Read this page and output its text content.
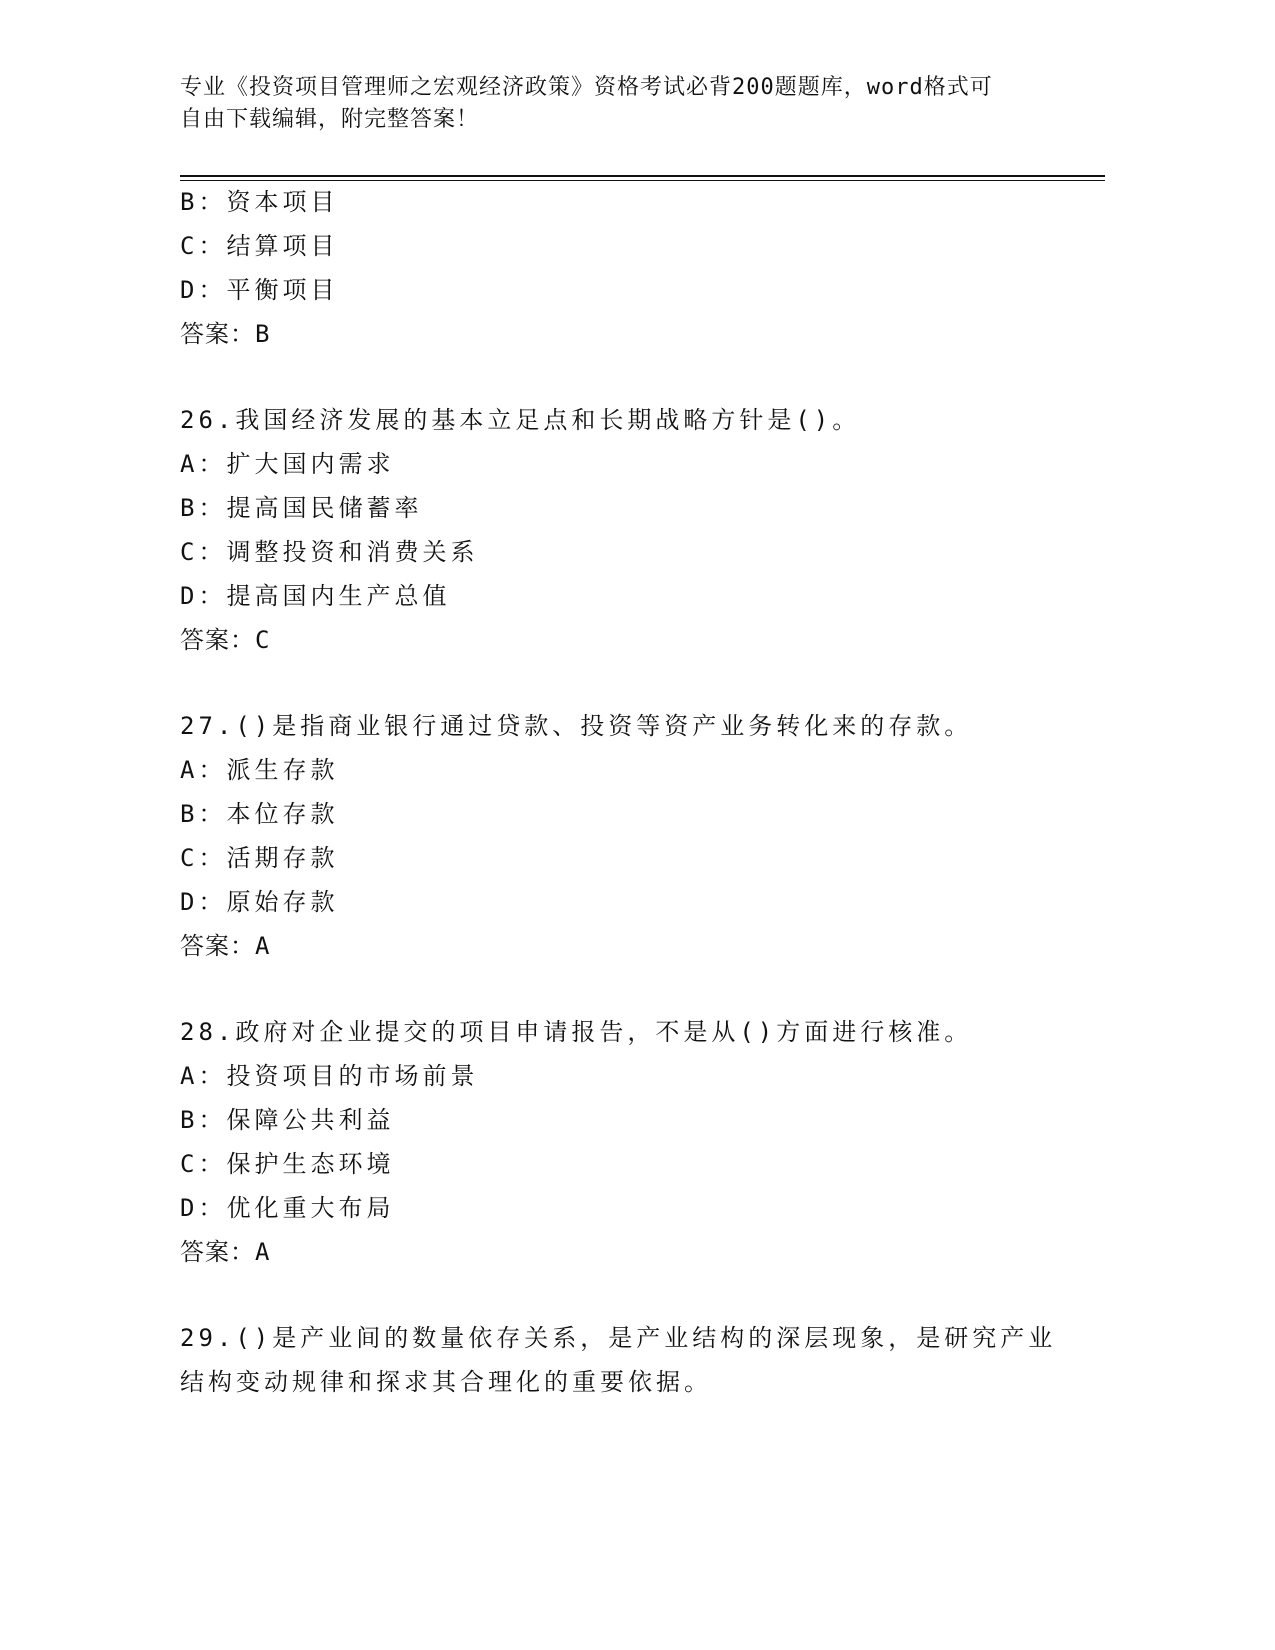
专业《投资项目管理师之宏观经济政策》资格考试必背200题题库，word格式可
自由下载编辑，附完整答案！
B：资本项目
C：结算项目
D：平衡项目
答案：B
26.我国经济发展的基本立足点和长期战略方针是()。
A：扩大国内需求
B：提高国民储蓄率
C：调整投资和消费关系
D：提高国内生产总值
答案：C
27.()是指商业银行通过贷款、投资等资产业务转化来的存款。
A：派生存款
B：本位存款
C：活期存款
D：原始存款
答案：A
28.政府对企业提交的项目申请报告，不是从()方面进行核准。
A：投资项目的市场前景
B：保障公共利益
C：保护生态环境
D：优化重大布局
答案：A
29.()是产业间的数量依存关系，是产业结构的深层现象，是研究产业
结构变动规律和探求其合理化的重要依据。
